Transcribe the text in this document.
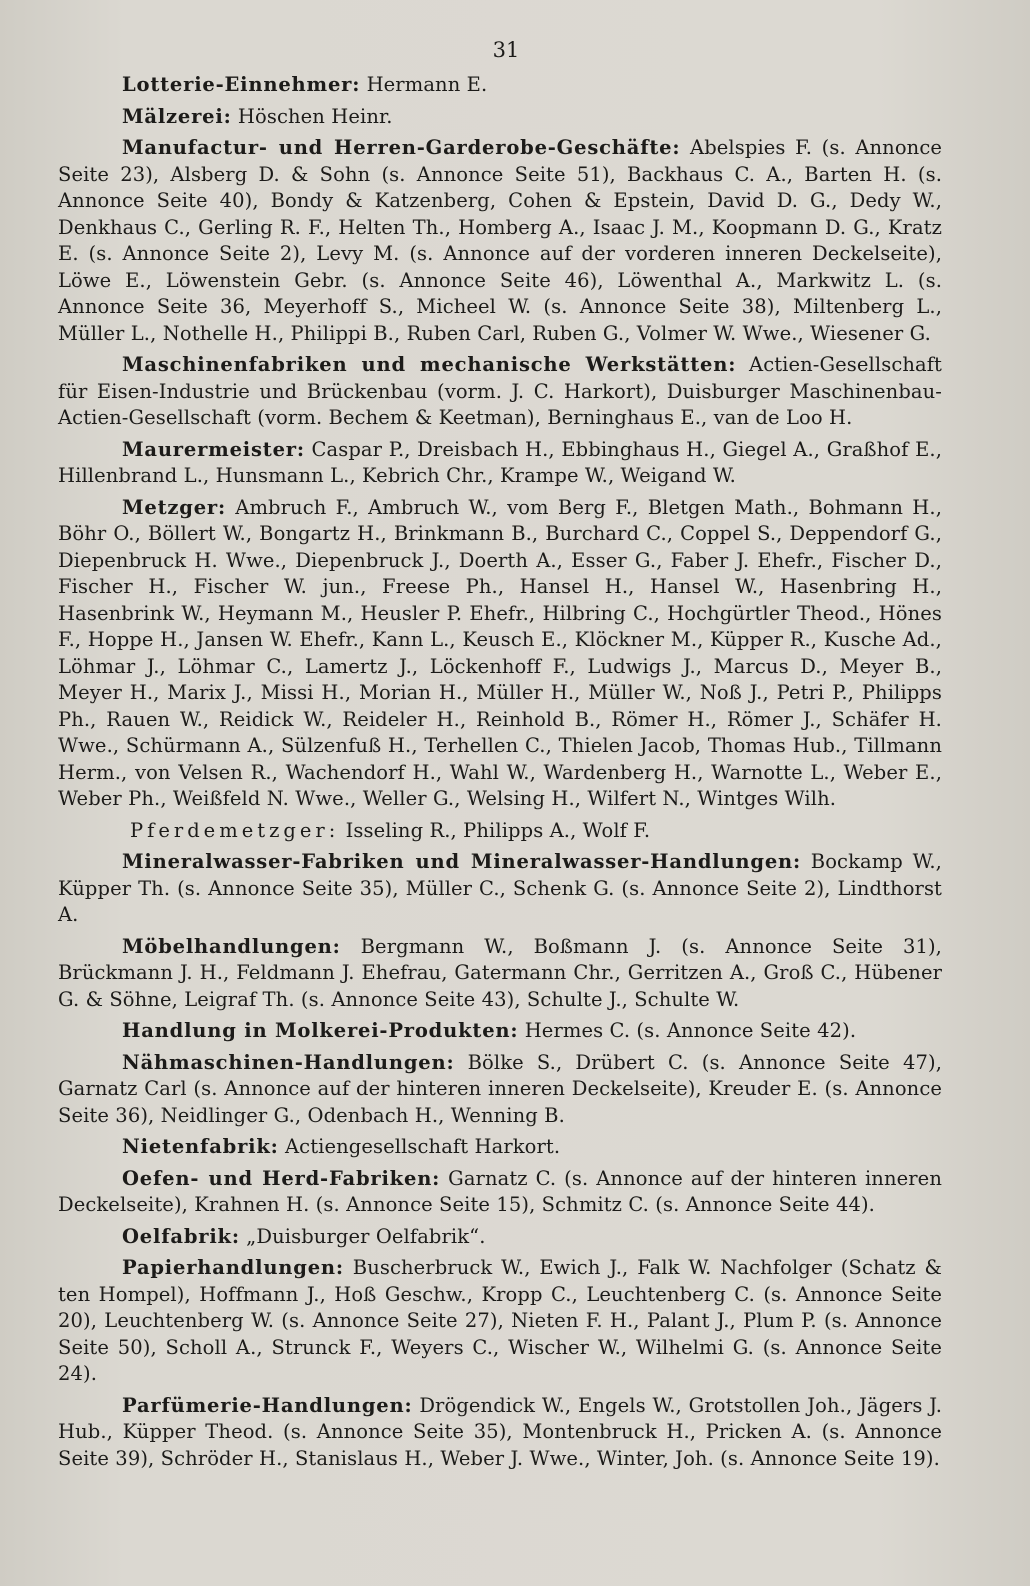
31

Lotterie-Einnehmer: Hermann E.

Mälzerei: Höschen Heinr.

Manufactur- und Herren-Garderobe-Geschäfte: Abelspies F. (s. Annonce Seite 23), Alsberg D. & Sohn (s. Annonce Seite 51), Backhaus C. A., Barten H. (s. Annonce Seite 40), Bondy & Katzenberg, Cohen & Epstein, David D. G., Dedy W., Denkhaus C., Gerling R. F., Helten Th., Homberg A., Isaac J. M., Koopmann D. G., Kratz E. (s. Annonce Seite 2), Levy M. (s. Annonce auf der vorderen inneren Deckelseite), Löwe E., Löwenstein Gebr. (s. Annonce Seite 46), Löwenthal A., Markwitz L. (s. Annonce Seite 36, Meyerhoff S., Micheel W. (s. Annonce Seite 38), Miltenberg L., Müller L., Nothelle H., Philippi B., Ruben Carl, Ruben G., Volmer W. Wwe., Wiesener G.

Maschinenfabriken und mechanische Werkstätten: Actien-Gesellschaft für Eisen-Industrie und Brückenbau (vorm. J. C. Harkort), Duisburger Maschinenbau-Actien-Gesellschaft (vorm. Bechem & Keetman), Berninghaus E., van de Loo H.

Maurermeister: Caspar P., Dreisbach H., Ebbinghaus H., Giegel A., Graßhof E., Hillenbrand L., Hunsmann L., Kebrich Chr., Krampe W., Weigand W.

Metzger: Ambruch F., Ambruch W., vom Berg F., Bletgen Math., Bohmann H., Böhr O., Böllert W., Bongartz H., Brinkmann B., Burchard C., Coppel S., Deppendorf G., Diepenbruck H. Wwe., Diepenbruck J., Doerth A., Esser G., Faber J. Ehefr., Fischer D., Fischer H., Fischer W. jun., Freese Ph., Hansel H., Hansel W., Hasenbring H., Hasenbrink W., Heymann M., Heusler P. Ehefr., Hilbring C., Hochgürtler Theod., Hönes F., Hoppe H., Jansen W. Ehefr., Kann L., Keusch E., Klöckner M., Küpper R., Kusche Ad., Löhmar J., Löhmar C., Lamertz J., Löckenhoff F., Ludwigs J., Marcus D., Meyer B., Meyer H., Marix J., Missi H., Morian H., Müller H., Müller W., Noß J., Petri P., Philipps Ph., Rauen W., Reidick W., Reideler H., Reinhold B., Römer H., Römer J., Schäfer H. Wwe., Schürmann A., Sülzenfuß H., Terhellen C., Thielen Jacob, Thomas Hub., Tillmann Herm., von Velsen R., Wachendorf H., Wahl W., Wardenberg H., Warnotte L., Weber E., Weber Ph., Weißfeld N. Wwe., Weller G., Welsing H., Wilfert N., Wintges Wilh.

Pferdemetzger: Isseling R., Philipps A., Wolf F.

Mineralwasser-Fabriken und Mineralwasser-Handlungen: Bockamp W., Küpper Th. (s. Annonce Seite 35), Müller C., Schenk G. (s. Annonce Seite 2), Lindthorst A.

Möbelhandlungen: Bergmann W., Boßmann J. (s. Annonce Seite 31), Brückmann J. H., Feldmann J. Ehefrau, Gatermann Chr., Gerritzen A., Groß C., Hübener G. & Söhne, Leigraf Th. (s. Annonce Seite 43), Schulte J., Schulte W.

Handlung in Molkerei-Produkten: Hermes C. (s. Annonce Seite 42).

Nähmaschinen-Handlungen: Bölke S., Drübert C. (s. Annonce Seite 47), Garnatz Carl (s. Annonce auf der hinteren inneren Deckelseite), Kreuder E. (s. Annonce Seite 36), Neidlinger G., Odenbach H., Wenning B.

Nietenfabrik: Actiengesellschaft Harkort.

Oefen- und Herd-Fabriken: Garnatz C. (s. Annonce auf der hinteren inneren Deckelseite), Krahnen H. (s. Annonce Seite 15), Schmitz C. (s. Annonce Seite 44).

Oelfabrik: „Duisburger Oelfabrik“.

Papierhandlungen: Buscherbruck W., Ewich J., Falk W. Nachfolger (Schatz & ten Hompel), Hoffmann J., Hoß Geschw., Kropp C., Leuchtenberg C. (s. Annonce Seite 20), Leuchtenberg W. (s. Annonce Seite 27), Nieten F. H., Palant J., Plum P. (s. Annonce Seite 50), Scholl A., Strunck F., Weyers C., Wischer W., Wilhelmi G. (s. Annonce Seite 24).

Parfümerie-Handlungen: Drögendick W., Engels W., Grotstollen Joh., Jägers J. Hub., Küpper Theod. (s. Annonce Seite 35), Montenbruck H., Pricken A. (s. Annonce Seite 39), Schröder H., Stanislaus H., Weber J. Wwe., Winter, Joh. (s. Annonce Seite 19).
